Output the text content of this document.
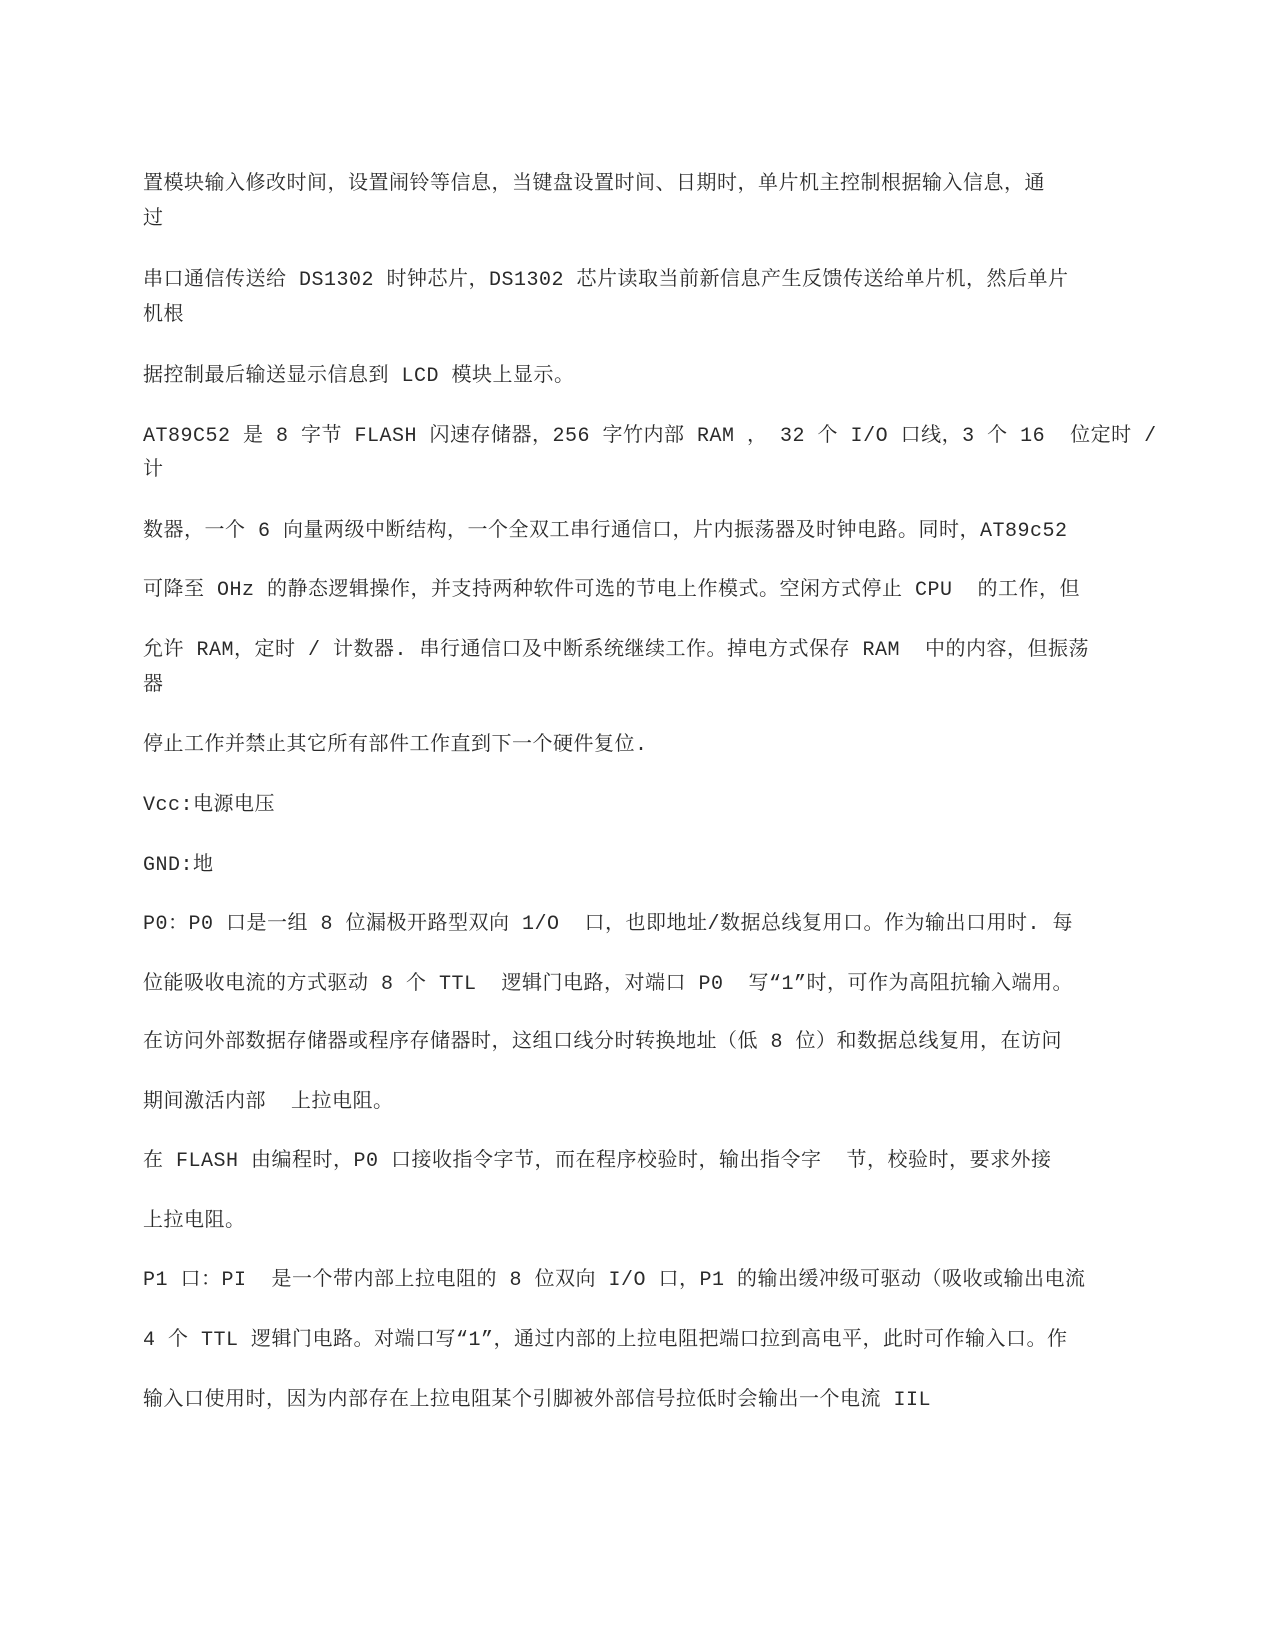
置模块输入修改时间，设置闹铃等信息，当键盘设置时间、日期时，单片机主控制根据输入信息，通
过
串口通信传送给 DS1302 时钟芯片，DS1302 芯片读取当前新信息产生反馈传送给单片机，然后单片
机根
据控制最后输送显示信息到 LCD 模块上显示。
AT89C52 是 8 字节 FLASH 闪速存储器，256 字竹内部 RAM ， 32 个 I/O 口线，3 个 16  位定时 /
计
数器，一个 6 向量两级中断结构，一个全双工串行通信口，片内振荡器及时钟电路。同时，AT89c52
可降至 OHz 的静态逻辑操作，并支持两种软件可选的节电上作模式。空闲方式停止 CPU  的工作，但
允许 RAM，定时 / 计数器. 串行通信口及中断系统继续工作。掉电方式保存 RAM  中的内容，但振荡
器
停止工作并禁止其它所有部件工作直到下一个硬件复位.
Vcc:电源电压
GND:地
P0：P0 口是一组 8 位漏极开路型双向 1/O  口，也即地址/数据总线复用口。作为输出口用时. 每
位能吸收电流的方式驱动 8 个 TTL  逻辑门电路，对端口 P0  写“1”时，可作为高阻抗输入端用。
在访问外部数据存储器或程序存储器时，这组口线分时转换地址（低 8 位）和数据总线复用，在访问
期间激活内部  上拉电阻。
在 FLASH 由编程时，P0 口接收指令字节，而在程序校验时，输出指令字  节，校验时，要求外接
上拉电阻。
P1 口：PI  是一个带内部上拉电阻的 8 位双向 I/O 口，P1 的输出缓冲级可驱动（吸收或输出电流
4 个 TTL 逻辑门电路。对端口写“1”，通过内部的上拉电阻把端口拉到高电平，此时可作输入口。作
输入口使用时，因为内部存在上拉电阻某个引脚被外部信号拉低时会输出一个电流 IIL
